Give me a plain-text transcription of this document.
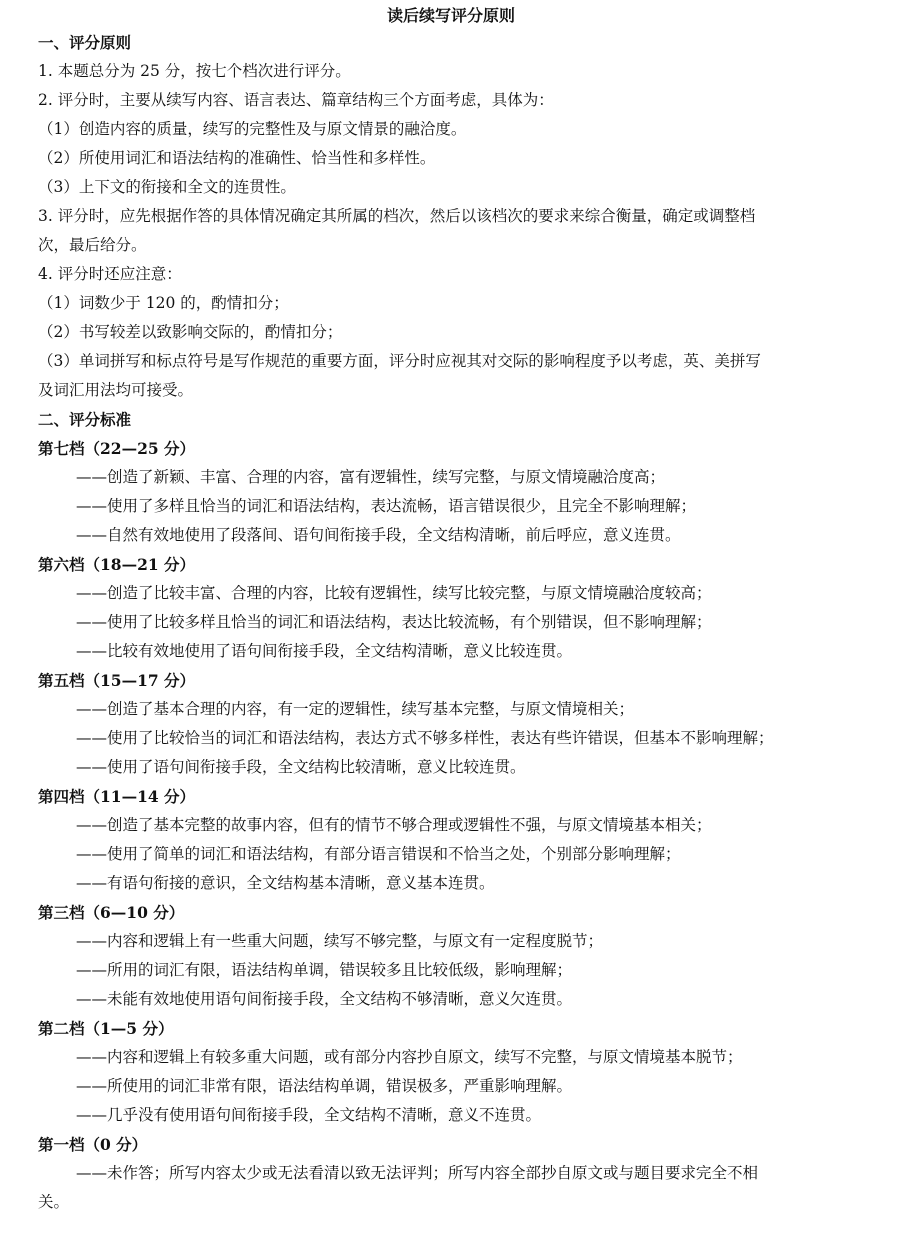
读后续写评分原则
一、评分原则
1. 本题总分为 25 分，按七个档次进行评分。
2. 评分时，主要从续写内容、语言表达、篇章结构三个方面考虑，具体为：
（1）创造内容的质量，续写的完整性及与原文情景的融洽度。
（2）所使用词汇和语法结构的准确性、恰当性和多样性。
（3）上下文的衔接和全文的连贯性。
3. 评分时，应先根据作答的具体情况确定其所属的档次，然后以该档次的要求来综合衡量，确定或调整档
次，最后给分。
4. 评分时还应注意：
（1）词数少于 120 的，酌情扣分；
（2）书写较差以致影响交际的，酌情扣分；
（3）单词拼写和标点符号是写作规范的重要方面，评分时应视其对交际的影响程度予以考虑，英、美拼写
及词汇用法均可接受。
二、评分标准
第七档（22—25 分）
——创造了新颖、丰富、合理的内容，富有逻辑性，续写完整，与原文情境融洽度高；
——使用了多样且恰当的词汇和语法结构，表达流畅，语言错误很少，且完全不影响理解；
——自然有效地使用了段落间、语句间衔接手段，全文结构清晰，前后呼应，意义连贯。
第六档（18—21 分）
——创造了比较丰富、合理的内容，比较有逻辑性，续写比较完整，与原文情境融洽度较高；
——使用了比较多样且恰当的词汇和语法结构，表达比较流畅，有个别错误，但不影响理解；
——比较有效地使用了语句间衔接手段，全文结构清晰，意义比较连贯。
第五档（15—17 分）
——创造了基本合理的内容，有一定的逻辑性，续写基本完整，与原文情境相关；
——使用了比较恰当的词汇和语法结构，表达方式不够多样性，表达有些许错误，但基本不影响理解；
——使用了语句间衔接手段，全文结构比较清晰，意义比较连贯。
第四档（11—14 分）
——创造了基本完整的故事内容，但有的情节不够合理或逻辑性不强，与原文情境基本相关；
——使用了简单的词汇和语法结构，有部分语言错误和不恰当之处，个别部分影响理解；
——有语句衔接的意识，全文结构基本清晰，意义基本连贯。
第三档（6—10 分）
——内容和逻辑上有一些重大问题，续写不够完整，与原文有一定程度脱节；
——所用的词汇有限，语法结构单调，错误较多且比较低级，影响理解；
——未能有效地使用语句间衔接手段，全文结构不够清晰，意义欠连贯。
第二档（1—5 分）
——内容和逻辑上有较多重大问题，或有部分内容抄自原文，续写不完整，与原文情境基本脱节；
——所使用的词汇非常有限，语法结构单调，错误极多，严重影响理解。
——几乎没有使用语句间衔接手段，全文结构不清晰，意义不连贯。
第一档（0 分）
——未作答；所写内容太少或无法看清以致无法评判；所写内容全部抄自原文或与题目要求完全不相
关。
